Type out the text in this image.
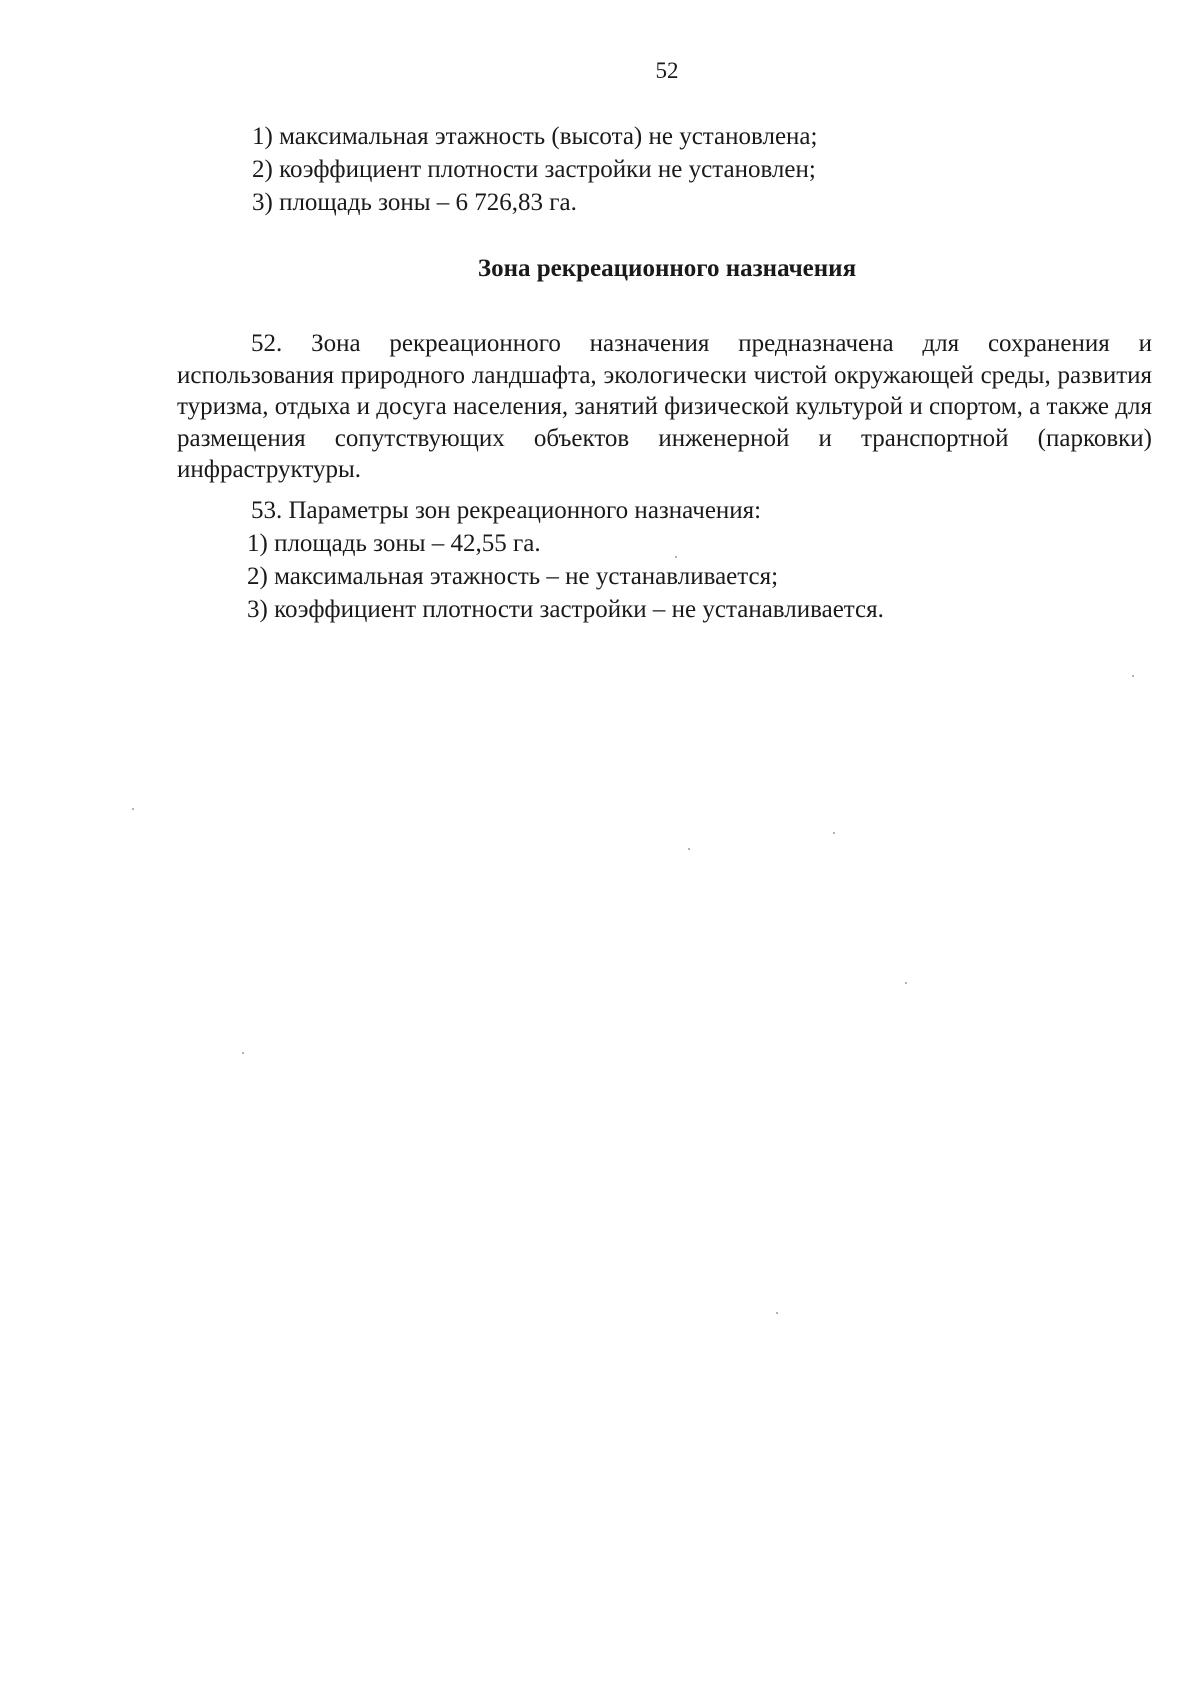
52

1) максимальная этажность (высота) не установлена;

2) коэффициент плотности застройки не установлен;

3) площадь зоны – 6 726,83 га.

Зона рекреационного назначения

52. Зона рекреационного назначения предназначена для сохранения и использования природного ландшафта, экологически чистой окружающей среды, развития туризма, отдыха и досуга населения, занятий физической культурой и спортом, а также для размещения сопутствующих объектов инженерной и транспортной (парковки) инфраструктуры.

53. Параметры зон рекреационного назначения:

1) площадь зоны – 42,55 га.

2) максимальная этажность – не устанавливается;

3) коэффициент плотности застройки – не устанавливается.
